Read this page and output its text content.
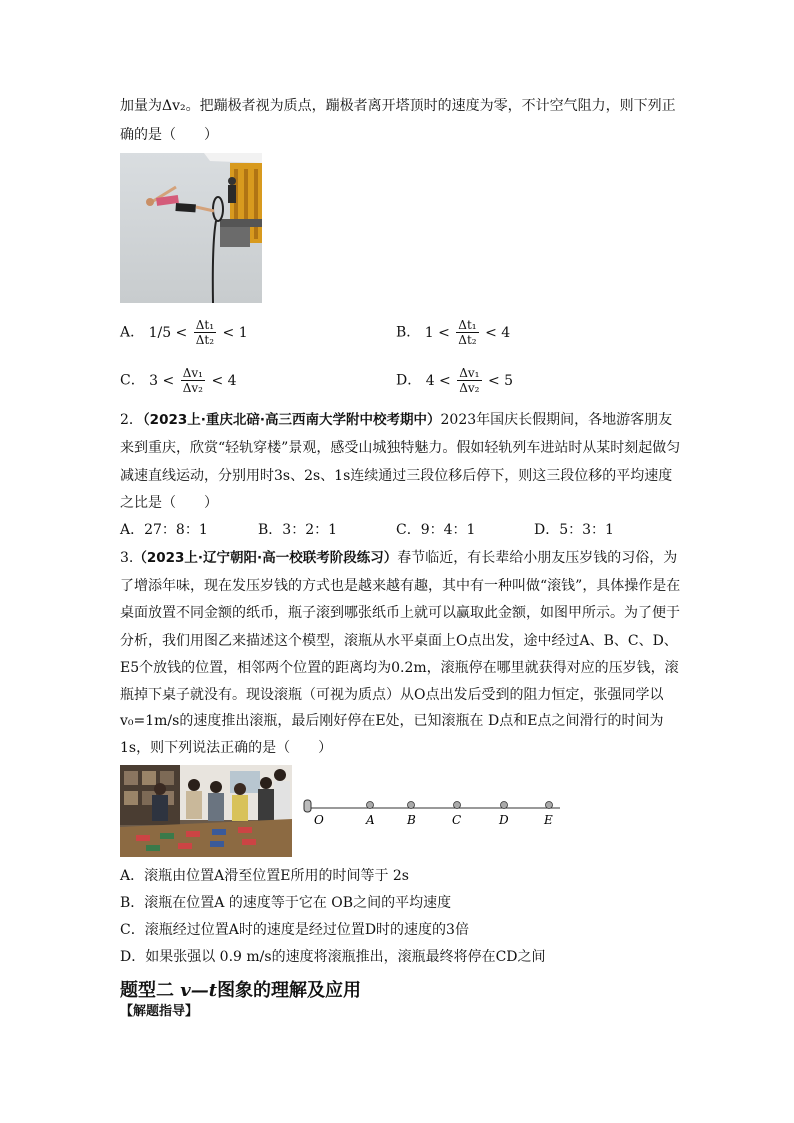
加量为Δv₂。把蹦极者视为质点，蹦极者离开塔顶时的速度为零，不计空气阻力，则下列正
确的是（　　）
A． $1/5 < \frac{\text{Δt₁}}{\text{Δt₂}} < 1$	B． $1 < \frac{\text{Δt₁}}{\text{Δt₂}} < 4$
C． $3 < \frac{\text{Δv₁}}{\text{Δv₂}} < 4$	D． $4 < \frac{\text{Δv₁}}{\text{Δv₂}} < 5$
2．（2023上·重庆北碚·高三西南大学附中校考期中）2023年国庆长假期间，各地游客朋友
来到重庆，欣赏“轻轨穿楼”景观，感受山城独特魅力。假如轻轨列车进站时从某时刻起做匀
减速直线运动，分别用时3s、2s、1s连续通过三段位移后停下，则这三段位移的平均速度
之比是（　　）
A．27：8：1	B．3：2：1	C．9：4：1	D．5：3：1
3.（2023上·辽宁朝阳·高一校联考阶段练习）春节临近，有长辈给小朋友压岁钱的习俗，为
了增添年味，现在发压岁钱的方式也是越来越有趣，其中有一种叫做“滚钱”，具体操作是在
桌面放置不同金额的纸币，瓶子滚到哪张纸币上就可以赢取此金额，如图甲所示。为了便于
分析，我们用图乙来描述这个模型，滚瓶从水平桌面上O点出发，途中经过A、B、C、D、
E5个放钱的位置，相邻两个位置的距离均为0.2m，滚瓶停在哪里就获得对应的压岁钱，滚
瓶掉下桌子就没有。现设滚瓶（可视为质点）从O点出发后受到的阻力恒定，张强同学以
v₀=1m/s的速度推出滚瓶，最后刚好停在E处，已知滚瓶在 D点和E点之间滑行的时间为
1s，则下列说法正确的是（　　）
O	A	B	C	D	E
A．滚瓶由位置A滑至位置E所用的时间等于 2s
B．滚瓶在位置A 的速度等于它在 OB之间的平均速度
C．滚瓶经过位置A时的速度是经过位置D时的速度的3倍
D．如果张强以 0.9 m/s的速度将滚瓶推出，滚瓶最终将停在CD之间
题型二 v—t图象的理解及应用
【解题指导】
